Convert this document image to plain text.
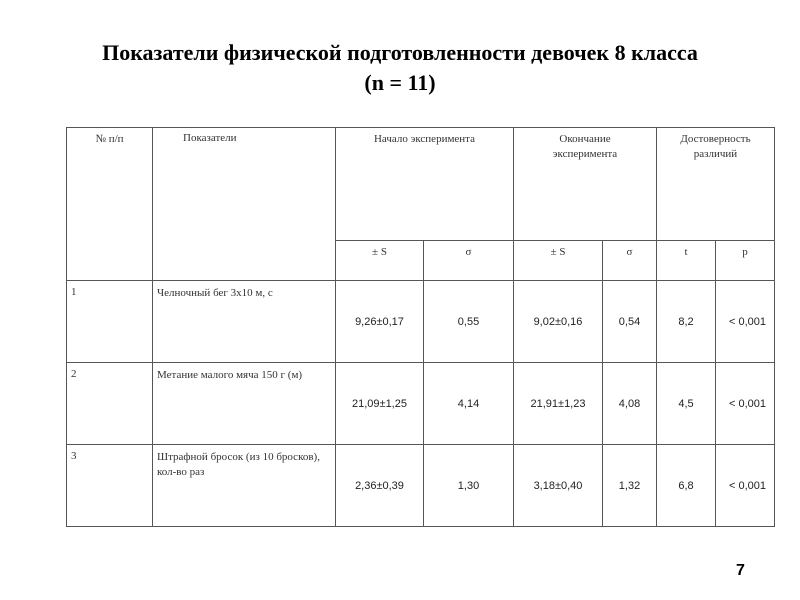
Показатели физической подготовленности девочек 8 класса
(n = 11)
№ п/п	Показатели	Начало эксперимента		Окончание эксперимента		Достоверность различий	

		± S	σ	± S	σ	t	p
1	Челночный бег 3х10 м, с	9,26±0,17	0,55	9,02±0,16	0,54	8,2	< 0,001
2	Метание малого мяча 150 г (м)	21,09±1,25	4,14	21,91±1,23	4,08	4,5	< 0,001
3	Штрафной бросок (из 10 бросков), кол-во раз	2,36±0,39	1,30	3,18±0,40	1,32	6,8	< 0,001
7
